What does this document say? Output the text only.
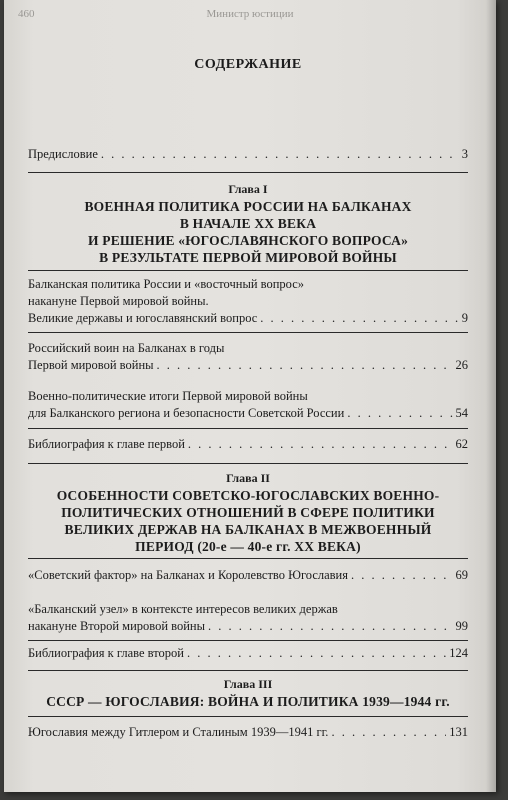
460	Министр юстиции
СОДЕРЖАНИЕ
Предисловие . . .	3
Глава I
ВОЕННАЯ ПОЛИТИКА РОССИИ НА БАЛКАНАХ
В НАЧАЛЕ XX ВЕКА
И РЕШЕНИЕ «ЮГОСЛАВЯНСКОГО ВОПРОСА»
В РЕЗУЛЬТАТЕ ПЕРВОЙ МИРОВОЙ ВОЙНЫ
Балканская политика России и «восточный вопрос»
накануне Первой мировой войны.
Великие державы и югославянский вопрос . . .	9
Российский воин на Балканах в годы
Первой мировой войны . . .	26
Военно-политические итоги Первой мировой войны
для Балканского региона и безопасности Советской России . . .	54
Библиография к главе первой . . .	62
Глава II
ОСОБЕННОСТИ СОВЕТСКО-ЮГОСЛАВСКИХ ВОЕННО-
ПОЛИТИЧЕСКИХ ОТНОШЕНИЙ В СФЕРЕ ПОЛИТИКИ
ВЕЛИКИХ ДЕРЖАВ НА БАЛКАНАХ В МЕЖВОЕННЫЙ
ПЕРИОД (20-е — 40-е гг. XX ВЕКА)
«Советский фактор» на Балканах и Королевство Югославия . . .	69
«Балканский узел» в контексте интересов великих держав
накануне Второй мировой войны . . .	99
Библиография к главе второй . . .	124
Глава III
СССР — ЮГОСЛАВИЯ: ВОЙНА И ПОЛИТИКА 1939—1944 гг.
Югославия между Гитлером и Сталиным 1939—1941 гг. . . .	131
